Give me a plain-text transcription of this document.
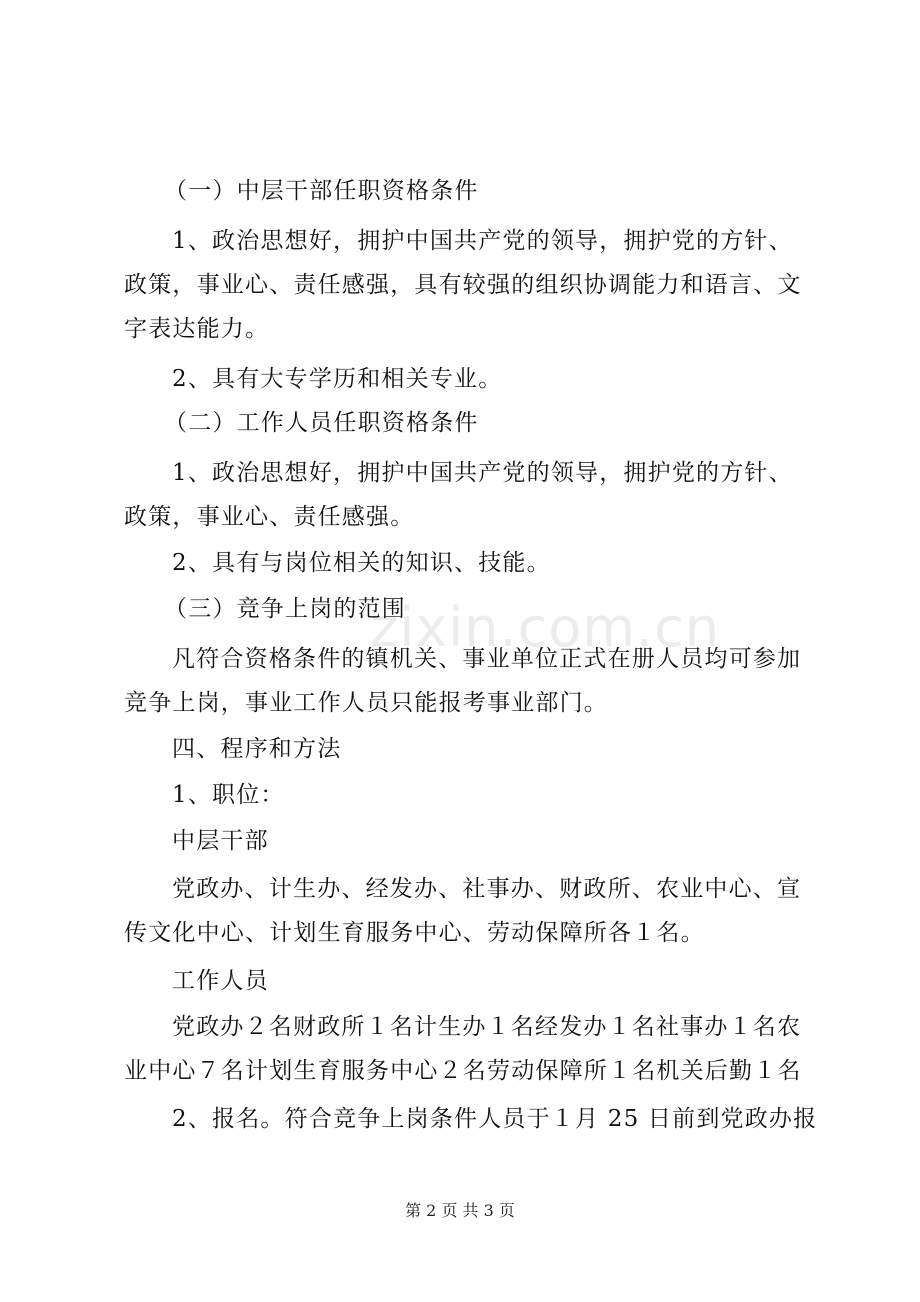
zixin.com.cn
（一）中层干部任职资格条件
1、政治思想好，拥护中国共产党的领导，拥护党的方针、
政策，事业心、责任感强，具有较强的组织协调能力和语言、文
字表达能力。
2、具有大专学历和相关专业。
（二）工作人员任职资格条件
1、政治思想好，拥护中国共产党的领导，拥护党的方针、
政策，事业心、责任感强。
2、具有与岗位相关的知识、技能。
（三）竞争上岗的范围
凡符合资格条件的镇机关、事业单位正式在册人员均可参加
竞争上岗，事业工作人员只能报考事业部门。
四、程序和方法
1、职位：
中层干部
党政办、计生办、经发办、社事办、财政所、农业中心、宣
传文化中心、计划生育服务中心、劳动保障所各１名。
工作人员
党政办２名财政所１名计生办１名经发办１名社事办１名农
业中心７名计划生育服务中心２名劳动保障所１名机关后勤１名
2、报名。符合竞争上岗条件人员于１月 25 日前到党政办报
第 2 页 共 3 页
